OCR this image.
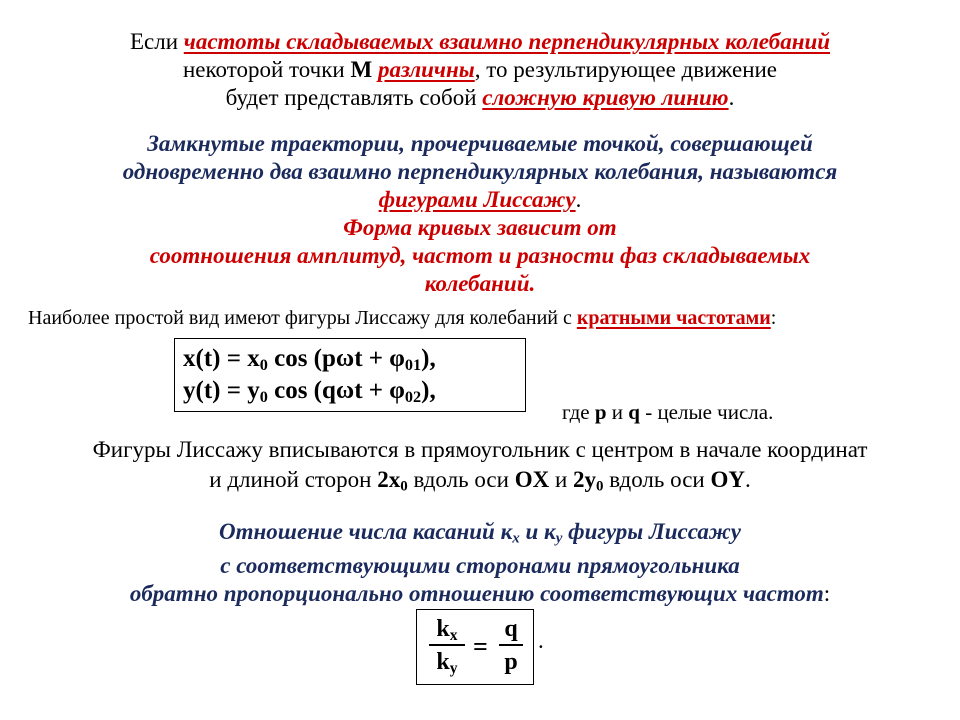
Если частоты складываемых взаимно перпендикулярных колебаний
некоторой точки М различны, то результирующее движение
будет представлять собой сложную кривую линию.
Замкнутые траектории, прочерчиваемые точкой, совершающей
одновременно два взаимно перпендикулярных колебания, называются
фигурами Лиссажу.
Форма кривых зависит от
соотношения амплитуд, частот и разности фаз складываемых
колебаний.
Наиболее простой вид имеют фигуры Лиссажу для колебаний с кратными частотами:
$x(t) = x_0$ $\cos (p\omega t + \varphi_{01})$,
$y(t) = y_0$ $\cos (q\omega t + \varphi_{02})$,
где p и q - целые числа.
Фигуры Лиссажу вписываются в прямоугольник с центром в начале координат
и длиной сторон $2x_0$ вдоль оси OX и $2y_0$ вдоль оси OY.
Отношение числа касаний $к_x$ и $к_y$ фигуры Лиссажу
с соответствующими сторонами прямоугольника
обратно пропорционально отношению соответствующих частот:
$k_x$
$k_y$
=
q
p
.
